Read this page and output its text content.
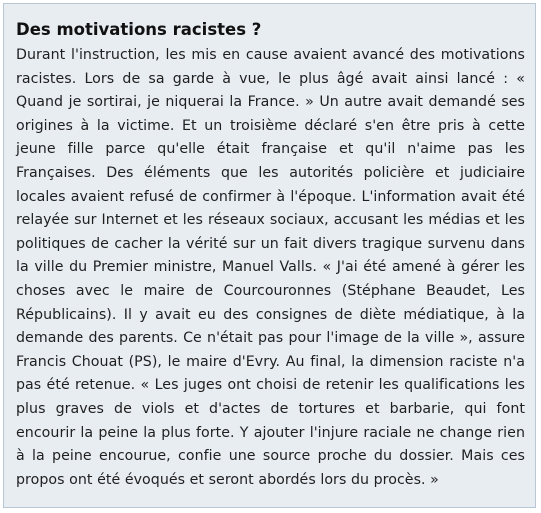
Des motivations racistes ?

Durant l'instruction, les mis en cause avaient avancé des motivations racistes. Lors de sa garde à vue, le plus âgé avait ainsi lancé : « Quand je sortirai, je niquerai la France. » Un autre avait demandé ses origines à la victime. Et un troisième déclaré s'en être pris à cette jeune fille parce qu'elle était française et qu'il n'aime pas les Françaises. Des éléments que les autorités policière et judiciaire locales avaient refusé de confirmer à l'époque. L'information avait été relayée sur Internet et les réseaux sociaux, accusant les médias et les politiques de cacher la vérité sur un fait divers tragique survenu dans la ville du Premier ministre, Manuel Valls. « J'ai été amené à gérer les choses avec le maire de Courcouronnes (Stéphane Beaudet, Les Républicains). Il y avait eu des consignes de diète médiatique, à la demande des parents. Ce n'était pas pour l'image de la ville », assure Francis Chouat (PS), le maire d'Evry. Au final, la dimension raciste n'a pas été retenue. « Les juges ont choisi de retenir les qualifications les plus graves de viols et d'actes de tortures et barbarie, qui font encourir la peine la plus forte. Y ajouter l'injure raciale ne change rien à la peine encourue, confie une source proche du dossier. Mais ces propos ont été évoqués et seront abordés lors du procès. »
